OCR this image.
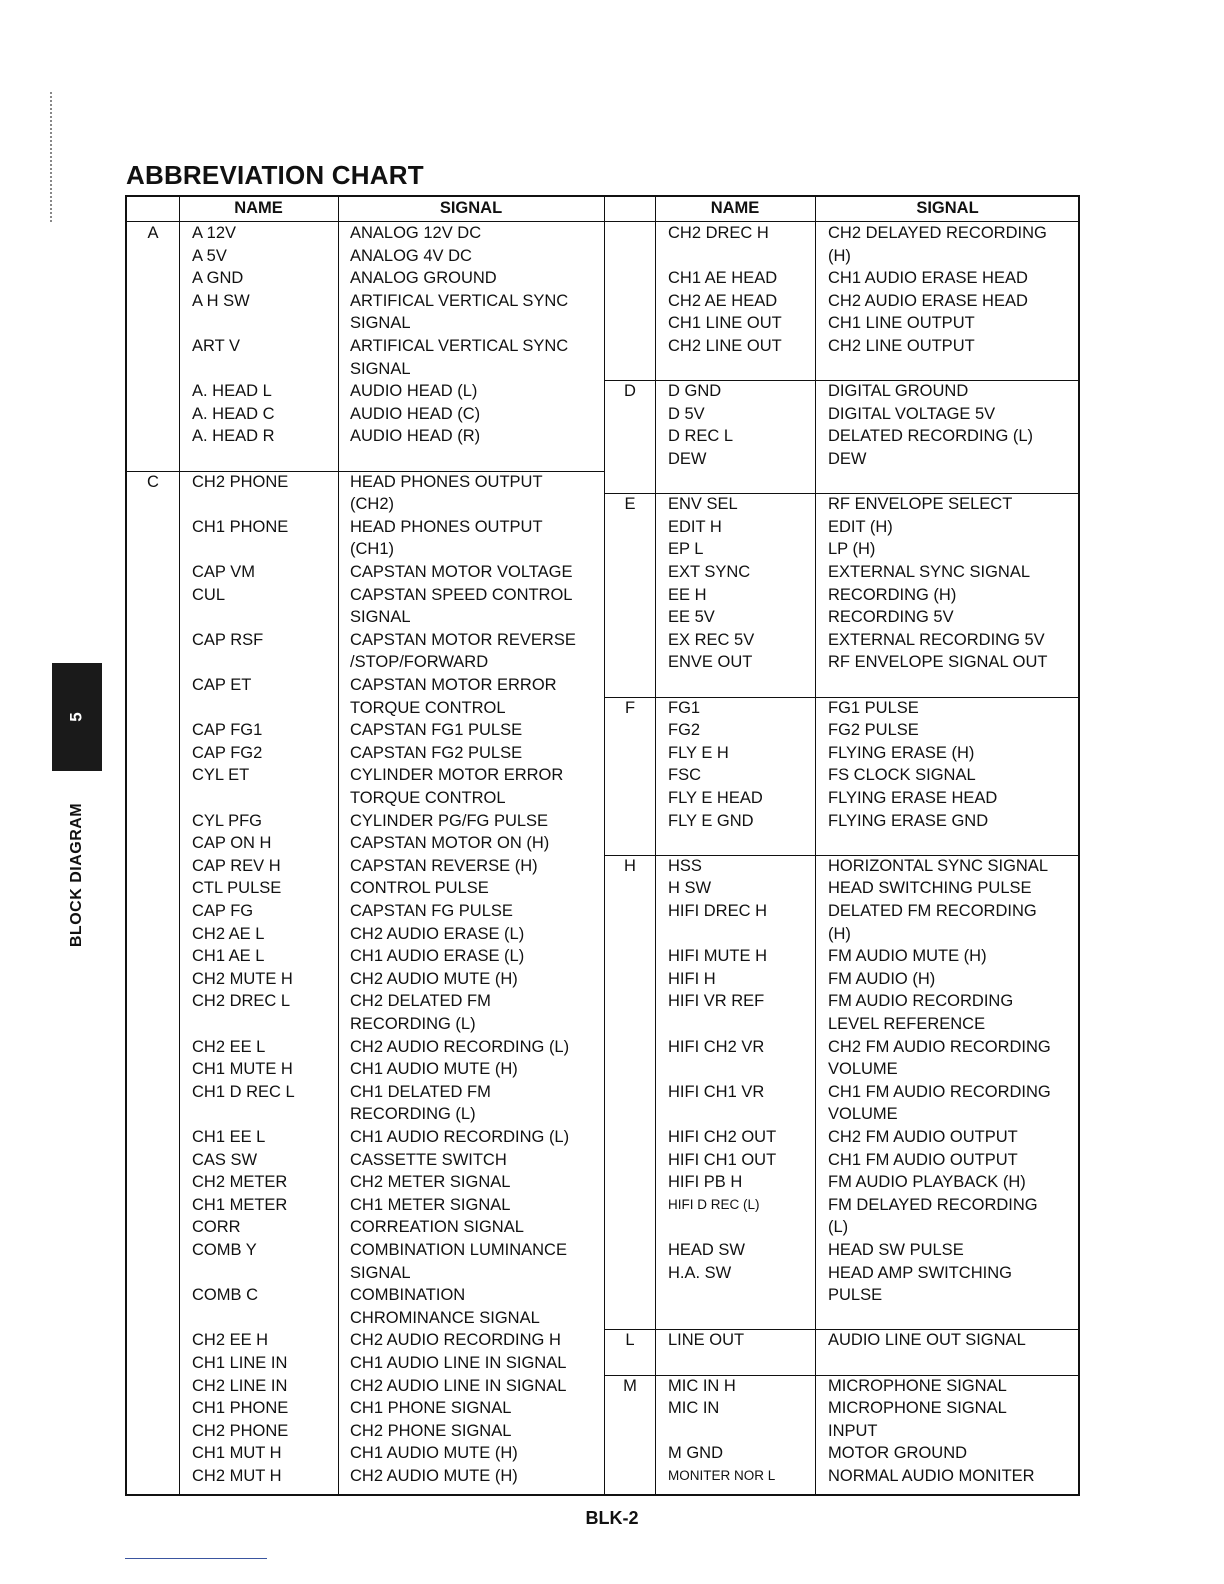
ABBREVIATION CHART
5
BLOCK DIAGRAM
NAME	SIGNAL	NAME	SIGNAL
A	A 12V	ANALOG 12V DC
A 5V	ANALOG 4V DC
A GND	ANALOG GROUND
A H SW	ARTIFICAL VERTICAL SYNC
SIGNAL
ART V	ARTIFICAL VERTICAL SYNC
SIGNAL
A. HEAD L	AUDIO HEAD (L)
A. HEAD C	AUDIO HEAD (C)
A. HEAD R	AUDIO HEAD (R)
C	CH2 PHONE	HEAD PHONES OUTPUT
(CH2)
CH1 PHONE	HEAD PHONES OUTPUT
(CH1)
CAP VM	CAPSTAN MOTOR VOLTAGE
CUL	CAPSTAN SPEED CONTROL
SIGNAL
CAP RSF	CAPSTAN MOTOR REVERSE
/STOP/FORWARD
CAP ET	CAPSTAN MOTOR ERROR
TORQUE CONTROL
CAP FG1	CAPSTAN FG1 PULSE
CAP FG2	CAPSTAN FG2 PULSE
CYL ET	CYLINDER MOTOR ERROR
TORQUE CONTROL
CYL PFG	CYLINDER PG/FG PULSE
CAP ON H	CAPSTAN MOTOR ON (H)
CAP REV H	CAPSTAN REVERSE (H)
CTL PULSE	CONTROL PULSE
CAP FG	CAPSTAN FG PULSE
CH2 AE L	CH2 AUDIO ERASE (L)
CH1 AE L	CH1 AUDIO ERASE (L)
CH2 MUTE H	CH2 AUDIO MUTE (H)
CH2 DREC L	CH2 DELATED FM
RECORDING (L)
CH2 EE L	CH2 AUDIO RECORDING (L)
CH1 MUTE H	CH1 AUDIO MUTE (H)
CH1 D REC L	CH1 DELATED FM
RECORDING (L)
CH1 EE L	CH1 AUDIO RECORDING (L)
CAS SW	CASSETTE SWITCH
CH2 METER	CH2 METER SIGNAL
CH1 METER	CH1 METER SIGNAL
CORR	CORREATION SIGNAL
COMB Y	COMBINATION LUMINANCE
SIGNAL
COMB C	COMBINATION
CHROMINANCE SIGNAL
CH2 EE H	CH2 AUDIO RECORDING H
CH1 LINE IN	CH1 AUDIO LINE IN SIGNAL
CH2 LINE IN	CH2 AUDIO LINE IN SIGNAL
CH1 PHONE	CH1 PHONE SIGNAL
CH2 PHONE	CH2 PHONE SIGNAL
CH1 MUT H	CH1 AUDIO MUTE (H)
CH2 MUT H	CH2 AUDIO MUTE (H)
CH2 DREC H	CH2 DELAYED RECORDING
(H)
CH1 AE HEAD	CH1 AUDIO ERASE HEAD
CH2 AE HEAD	CH2 AUDIO ERASE HEAD
CH1 LINE OUT	CH1 LINE OUTPUT
CH2 LINE OUT	CH2 LINE OUTPUT
D	D GND	DIGITAL GROUND
D 5V	DIGITAL VOLTAGE 5V
D REC L	DELATED RECORDING (L)
DEW	DEW
E	ENV SEL	RF ENVELOPE SELECT
EDIT H	EDIT (H)
EP L	LP (H)
EXT SYNC	EXTERNAL SYNC SIGNAL
EE H	RECORDING (H)
EE 5V	RECORDING 5V
EX REC 5V	EXTERNAL RECORDING 5V
ENVE OUT	RF ENVELOPE SIGNAL OUT
F	FG1	FG1 PULSE
FG2	FG2 PULSE
FLY E H	FLYING ERASE (H)
FSC	FS CLOCK SIGNAL
FLY E HEAD	FLYING ERASE HEAD
FLY E GND	FLYING ERASE GND
H	HSS	HORIZONTAL SYNC SIGNAL
H SW	HEAD SWITCHING PULSE
HIFI DREC H	DELATED FM RECORDING
(H)
HIFI MUTE H	FM AUDIO MUTE (H)
HIFI H	FM AUDIO (H)
HIFI VR REF	FM AUDIO RECORDING
LEVEL REFERENCE
HIFI CH2 VR	CH2 FM AUDIO RECORDING
VOLUME
HIFI CH1 VR	CH1 FM AUDIO RECORDING
VOLUME
HIFI CH2 OUT	CH2 FM AUDIO OUTPUT
HIFI CH1 OUT	CH1 FM AUDIO OUTPUT
HIFI PB H	FM AUDIO PLAYBACK (H)
HIFI D REC (L)	FM DELAYED RECORDING
(L)
HEAD SW	HEAD SW PULSE
H.A. SW	HEAD AMP SWITCHING
PULSE
L	LINE OUT	AUDIO LINE OUT SIGNAL
M	MIC IN H	MICROPHONE SIGNAL
MIC IN	MICROPHONE SIGNAL
INPUT
M GND	MOTOR GROUND
MONITER NOR L	NORMAL AUDIO MONITER
BLK-2
